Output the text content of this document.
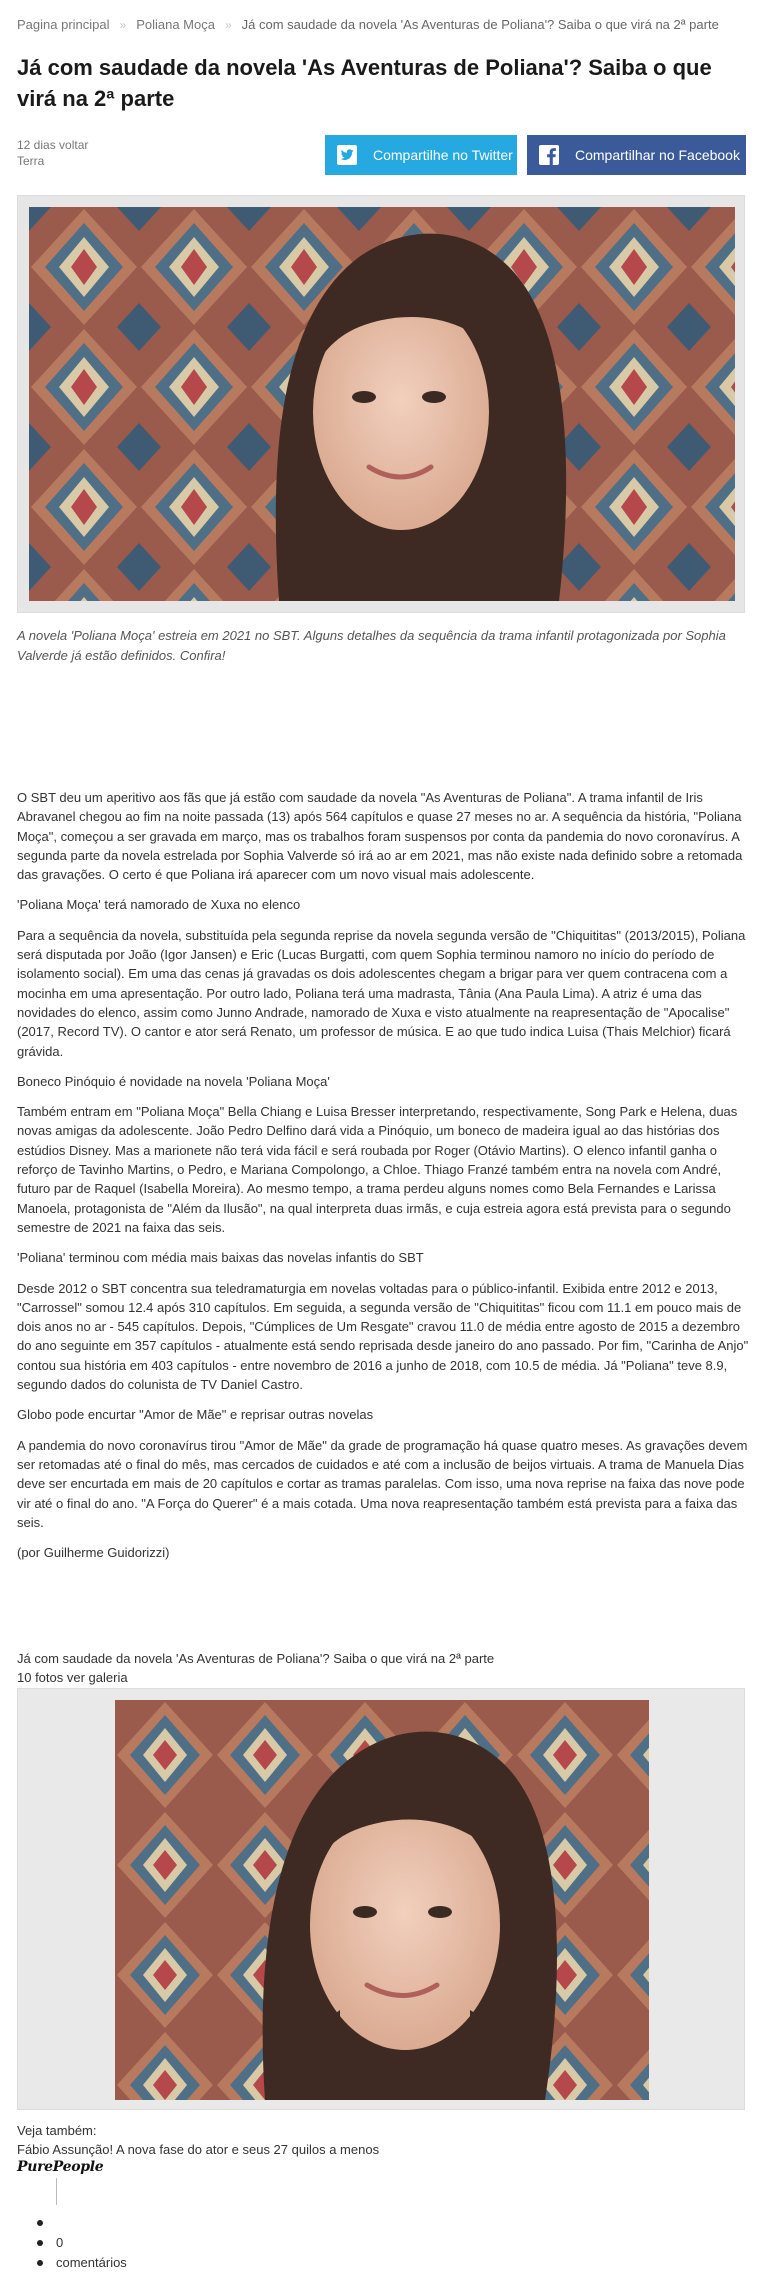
Pagina principal » Poliana Moça » Já com saudade da novela 'As Aventuras de Poliana'? Saiba o que virá na 2ª parte
Já com saudade da novela 'As Aventuras de Poliana'? Saiba o que virá na 2ª parte
12 dias voltar
Terra	Compartilhe no Twitter	Compartilhar no Facebook

A novela 'Poliana Moça' estreia em 2021 no SBT. Alguns detalhes da sequência da trama infantil protagonizada por Sophia Valverde já estão definidos. Confira!

O SBT deu um aperitivo aos fãs que já estão com saudade da novela "As Aventuras de Poliana". A trama infantil de Iris Abravanel chegou ao fim na noite passada (13) após 564 capítulos e quase 27 meses no ar. A sequência da história, "Poliana Moça", começou a ser gravada em março, mas os trabalhos foram suspensos por conta da pandemia do novo coronavírus. A segunda parte da novela estrelada por Sophia Valverde só irá ao ar em 2021, mas não existe nada definido sobre a retomada das gravações. O certo é que Poliana irá aparecer com um novo visual mais adolescente.

'Poliana Moça' terá namorado de Xuxa no elenco

Para a sequência da novela, substituída pela segunda reprise da novela segunda versão de "Chiquititas" (2013/2015), Poliana será disputada por João (Igor Jansen) e Eric (Lucas Burgatti, com quem Sophia terminou namoro no início do período de isolamento social). Em uma das cenas já gravadas os dois adolescentes chegam a brigar para ver quem contracena com a mocinha em uma apresentação. Por outro lado, Poliana terá uma madrasta, Tânia (Ana Paula Lima). A atriz é uma das novidades do elenco, assim como Junno Andrade, namorado de Xuxa e visto atualmente na reapresentação de "Apocalise" (2017, Record TV). O cantor e ator será Renato, um professor de música. E ao que tudo indica Luisa (Thais Melchior) ficará grávida.

Boneco Pinóquio é novidade na novela 'Poliana Moça'

Também entram em "Poliana Moça" Bella Chiang e Luisa Bresser interpretando, respectivamente, Song Park e Helena, duas novas amigas da adolescente. João Pedro Delfino dará vida a Pinóquio, um boneco de madeira igual ao das histórias dos estúdios Disney. Mas a marionete não terá vida fácil e será roubada por Roger (Otávio Martins). O elenco infantil ganha o reforço de Tavinho Martins, o Pedro, e Mariana Compolongo, a Chloe. Thiago Franzé também entra na novela com André, futuro par de Raquel (Isabella Moreira). Ao mesmo tempo, a trama perdeu alguns nomes como Bela Fernandes e Larissa Manoela, protagonista de "Além da Ilusão", na qual interpreta duas irmãs, e cuja estreia agora está prevista para o segundo semestre de 2021 na faixa das seis.

'Poliana' terminou com média mais baixas das novelas infantis do SBT

Desde 2012 o SBT concentra sua teledramaturgia em novelas voltadas para o público-infantil. Exibida entre 2012 e 2013, "Carrossel" somou 12.4 após 310 capítulos. Em seguida, a segunda versão de "Chiquititas" ficou com 11.1 em pouco mais de dois anos no ar - 545 capítulos. Depois, "Cúmplices de Um Resgate" cravou 11.0 de média entre agosto de 2015 a dezembro do ano seguinte em 357 capítulos - atualmente está sendo reprisada desde janeiro do ano passado. Por fim, "Carinha de Anjo" contou sua história em 403 capítulos - entre novembro de 2016 a junho de 2018, com 10.5 de média. Já "Poliana" teve 8.9, segundo dados do colunista de TV Daniel Castro.

Globo pode encurtar "Amor de Mãe" e reprisar outras novelas

A pandemia do novo coronavírus tirou "Amor de Mãe" da grade de programação há quase quatro meses. As gravações devem ser retomadas até o final do mês, mas cercados de cuidados e até com a inclusão de beijos virtuais. A trama de Manuela Dias deve ser encurtada em mais de 20 capítulos e cortar as tramas paralelas. Com isso, uma nova reprise na faixa das nove pode vir até o final do ano. "A Força do Querer" é a mais cotada. Uma nova reapresentação também está prevista para a faixa das seis.

(por Guilherme Guidorizzi)

Já com saudade da novela 'As Aventuras de Poliana'? Saiba o que virá na 2ª parte
10 fotos ver galeria
Veja também:
Fábio Assunção! A nova fase do ator e seus 27 quilos a menos
PurePeople
0
comentários
